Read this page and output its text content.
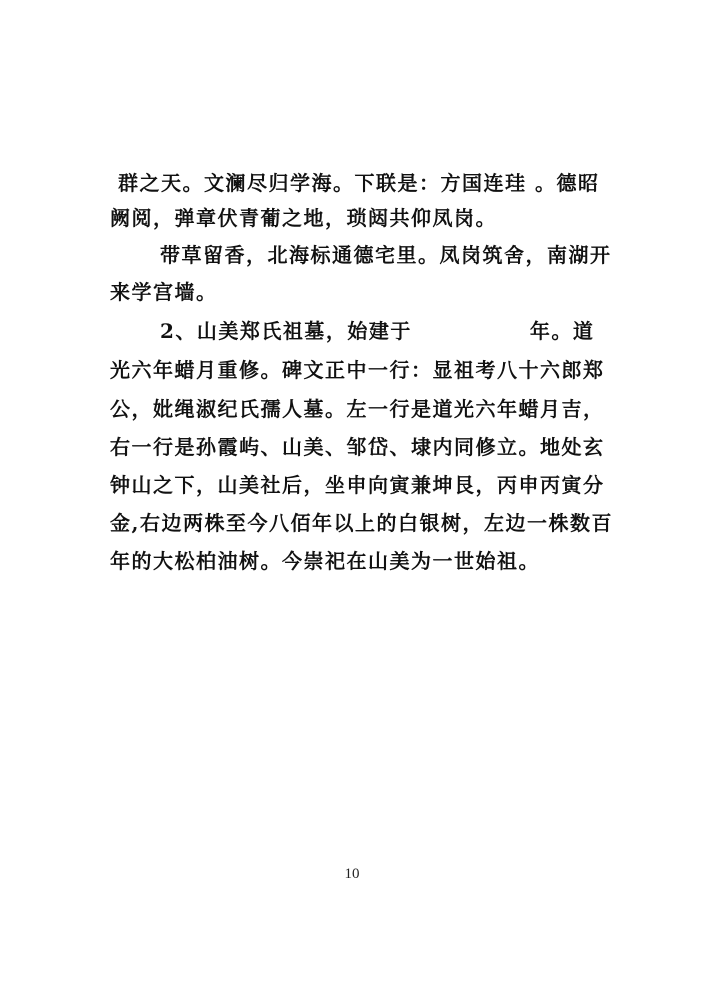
群之天。文澜尽归学海。下联是：方国连珪 。德昭
阙阅，弹章伏青葡之地，琐闼共仰凤岗。
带草留香，北海标通德宅里。凤岗筑舍，南湖开
来学宫墙。
2、山美郑氏祖墓，始建于	年。道
光六年蜡月重修。碑文正中一行：显祖考八十六郎郑
公，妣绳淑纪氏孺人墓。左一行是道光六年蜡月吉，
右一行是孙霞屿、山美、邹岱、埭内同修立。地处玄
钟山之下，山美社后，坐申向寅兼坤艮，丙申丙寅分
金,右边两株至今八佰年以上的白银树，左边一株数百
年的大松柏油树。今崇祀在山美为一世始祖。
10
